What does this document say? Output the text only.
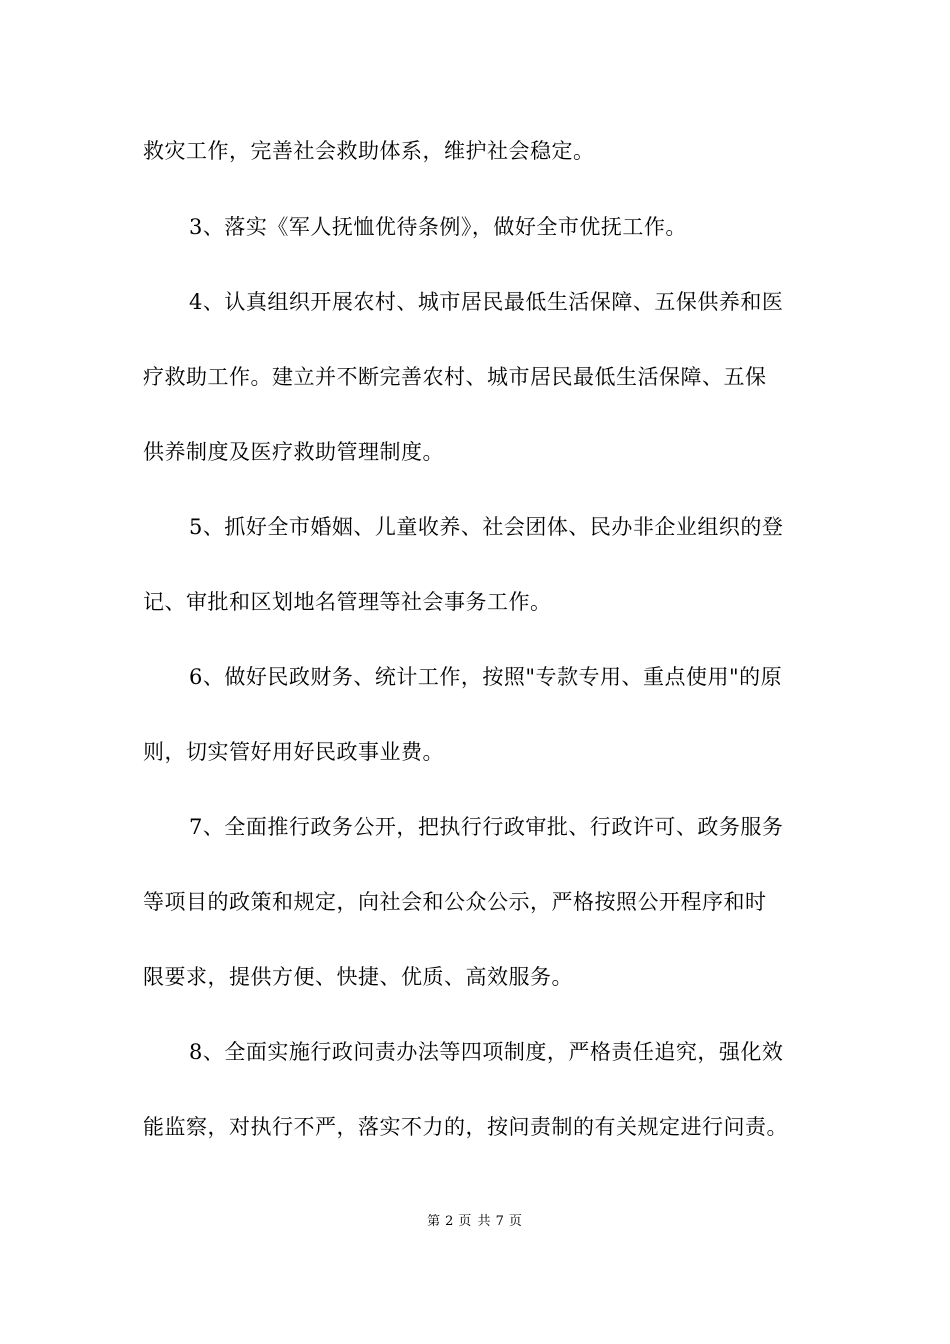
救灾工作，完善社会救助体系，维护社会稳定。
3、落实《军人抚恤优待条例》，做好全市优抚工作。
4、认真组织开展农村、城市居民最低生活保障、五保供养和医
疗救助工作。建立并不断完善农村、城市居民最低生活保障、五保
供养制度及医疗救助管理制度。
5、抓好全市婚姻、儿童收养、社会团体、民办非企业组织的登
记、审批和区划地名管理等社会事务工作。
6、做好民政财务、统计工作，按照"专款专用、重点使用"的原
则，切实管好用好民政事业费。
7、全面推行政务公开，把执行行政审批、行政许可、政务服务
等项目的政策和规定，向社会和公众公示，严格按照公开程序和时
限要求，提供方便、快捷、优质、高效服务。
8、全面实施行政问责办法等四项制度，严格责任追究，强化效
能监察，对执行不严，落实不力的，按问责制的有关规定进行问责。
第 2 页 共 7 页
